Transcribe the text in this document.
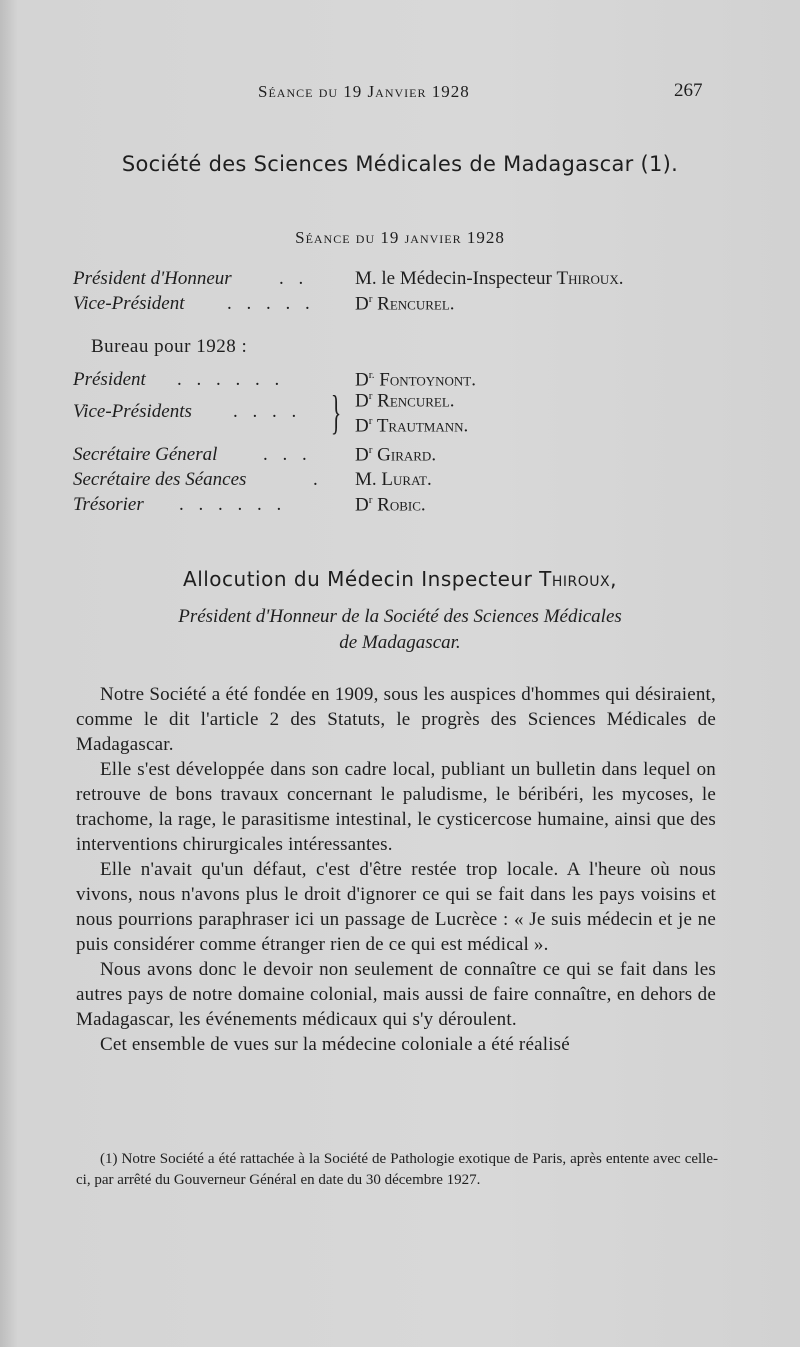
Séance du 19 Janvier 1928	267
Société des Sciences Médicales de Madagascar (1).
Séance du 19 janvier 1928
Président d'Honneur . . M. le Médecin-Inspecteur Thiroux.
Vice-Président . . . . . $D^r$ Rencurel.
Bureau pour 1928 :
Président . . . . . .	$D^{r.}$ Fontoynont.
Vice-Présidents . . . . } $D^r$ Rencurel.
$D^r$ Trautmann.
Secrétaire Géneral . . . $D^r$ Girard.
Secrétaire des Séances	. M. Lurat.
Trésorier . . . . . .	$D^r$ Robic.
Allocution du Médecin Inspecteur Thiroux,
Président d'Honneur de la Société des Sciences Médicales
de Madagascar.

Notre Société a été fondée en 1909, sous les auspices d'hommes qui désiraient, comme le dit l'article 2 des Statuts, le progrès des Sciences Médicales de Madagascar.

Elle s'est développée dans son cadre local, publiant un bulletin dans lequel on retrouve de bons travaux concernant le paludisme, le béribéri, les mycoses, le trachome, la rage, le parasitisme intestinal, le cysticercose humaine, ainsi que des interventions chirurgicales intéressantes.

Elle n'avait qu'un défaut, c'est d'être restée trop locale. A l'heure où nous vivons, nous n'avons plus le droit d'ignorer ce qui se fait dans les pays voisins et nous pourrions paraphraser ici un passage de Lucrèce : « Je suis médecin et je ne puis considérer comme étranger rien de ce qui est médical ».

Nous avons donc le devoir non seulement de connaître ce qui se fait dans les autres pays de notre domaine colonial, mais aussi de faire connaître, en dehors de Madagascar, les événements médicaux qui s'y déroulent.

Cet ensemble de vues sur la médecine coloniale a été réalisé

(1) Notre Société a été rattachée à la Société de Pathologie exotique de Paris, après entente avec celle-ci, par arrêté du Gouverneur Général en date du 30 décembre 1927.
